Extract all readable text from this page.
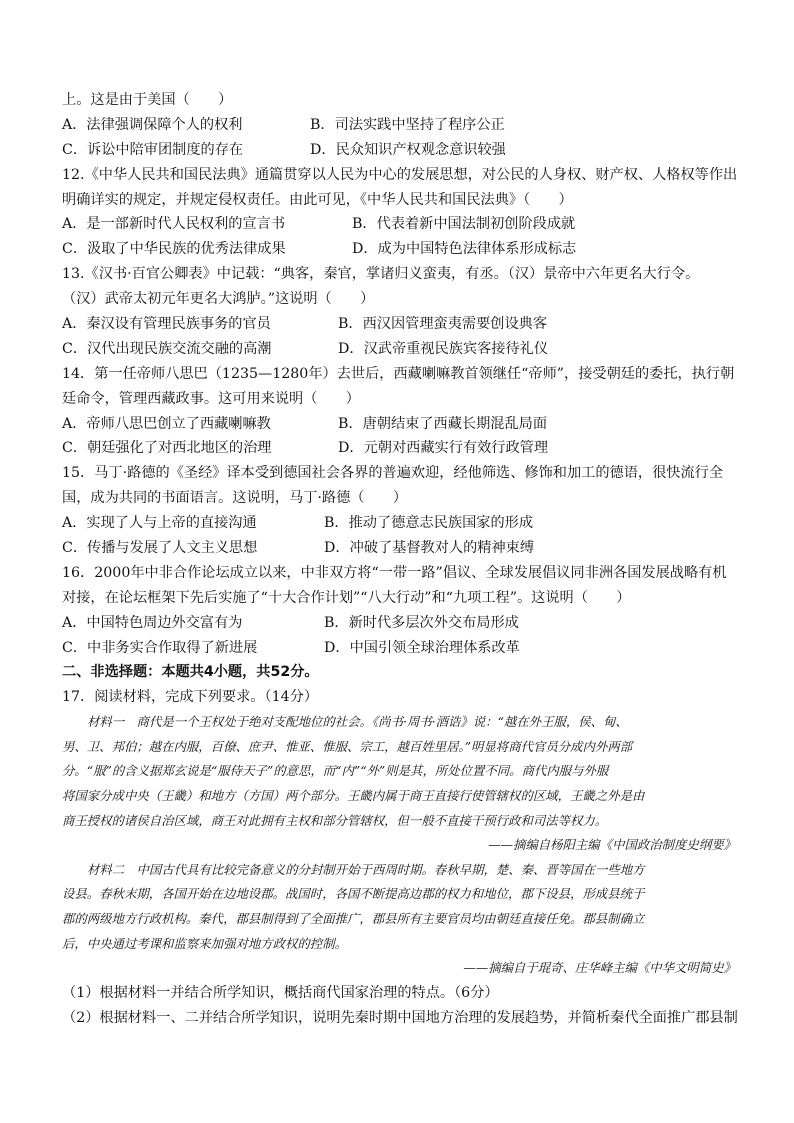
上。这是由于美国（　　）
A．法律强调保障个人的权利	B．司法实践中坚持了程序公正
C．诉讼中陪审团制度的存在	D．民众知识产权观念意识较强
12.《中华人民共和国民法典》通篇贯穿以人民为中心的发展思想，对公民的人身权、财产权、人格权等作出
明确详实的规定，并规定侵权责任。由此可见，《中华人民共和国民法典》（　　）
A．是一部新时代人民权利的宣言书	B．代表着新中国法制初创阶段成就
C．汲取了中华民族的优秀法律成果	D．成为中国特色法律体系形成标志
13.《汉书·百官公卿表》中记载：“典客，秦官，掌诸归义蛮夷，有丞。（汉）景帝中六年更名大行令。
（汉）武帝太初元年更名大鸿胪。”这说明（　　）
A．秦汉设有管理民族事务的官员	B．西汉因管理蛮夷需要创设典客
C．汉代出现民族交流交融的高潮	D．汉武帝重视民族宾客接待礼仪
14．第一任帝师八思巴（1235—1280年）去世后，西藏喇嘛教首领继任“帝师”，接受朝廷的委托，执行朝
廷命令，管理西藏政事。这可用来说明（　　）
A．帝师八思巴创立了西藏喇嘛教	B．唐朝结束了西藏长期混乱局面
C．朝廷强化了对西北地区的治理	D．元朝对西藏实行有效行政管理
15．马丁·路德的《圣经》译本受到德国社会各界的普遍欢迎，经他筛选、修饰和加工的德语，很快流行全
国，成为共同的书面语言。这说明，马丁·路德（　　）
A．实现了人与上帝的直接沟通	B．推动了德意志民族国家的形成
C．传播与发展了人文主义思想	D．冲破了基督教对人的精神束缚
16．2000年中非合作论坛成立以来，中非双方将“一带一路”倡议、全球发展倡议同非洲各国发展战略有机
对接，在论坛框架下先后实施了“十大合作计划”“八大行动”和“九项工程”。这说明（　　）
A．中国特色周边外交富有为	B．新时代多层次外交布局形成
C．中非务实合作取得了新进展	D．中国引领全球治理体系改革
二、非选择题：本题共4小题，共52分。
17．阅读材料，完成下列要求。（14分）
材料一　商代是一个王权处于绝对支配地位的社会。《尚书·周书·酒诰》说：“越在外王服，侯、甸、
男、卫、邦伯；越在内服，百僚、庶尹、惟亚、惟服、宗工，越百姓里居。”明显将商代官员分成内外两部
分。“服”的含义据郑玄说是“服侍天子”的意思，而“内”“外”则是其，所处位置不同。商代内服与外服
将国家分成中央（王畿）和地方（方国）两个部分。王畿内属于商王直接行使管辖权的区域，王畿之外是由
商王授权的诸侯自治区域，商王对此拥有主权和部分管辖权，但一般不直接干预行政和司法等权力。
——摘编自杨阳主编《中国政治制度史纲要》
材料二　中国古代具有比较完备意义的分封制开始于西周时期。春秋早期，楚、秦、晋等国在一些地方
设县。春秋末期，各国开始在边地设郡。战国时，各国不断提高边郡的权力和地位，郡下设县，形成县统于
郡的两级地方行政机构。秦代，郡县制得到了全面推广，郡县所有主要官员均由朝廷直接任免。郡县制确立
后，中央通过考课和监察来加强对地方政权的控制。
——摘编自于琨奇、庄华峰主编《中华文明简史》
（1）根据材料一并结合所学知识，概括商代国家治理的特点。（6分）
（2）根据材料一、二并结合所学知识，说明先秦时期中国地方治理的发展趋势，并简析秦代全面推广郡县制
